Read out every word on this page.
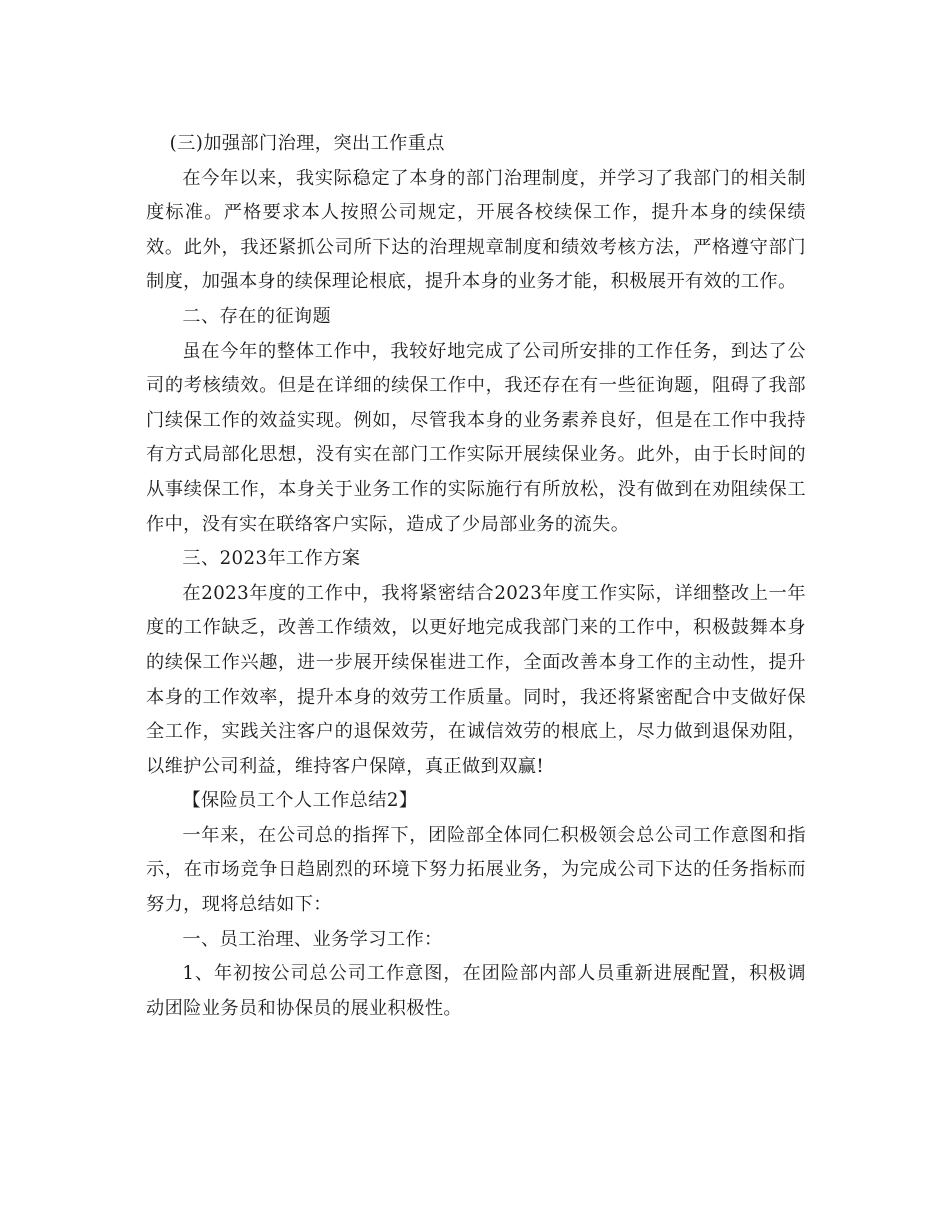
(三)加强部门治理，突出工作重点

在今年以来，我实际稳定了本身的部门治理制度，并学习了我部门的相关制度标准。严格要求本人按照公司规定，开展各校续保工作，提升本身的续保绩效。此外，我还紧抓公司所下达的治理规章制度和绩效考核方法，严格遵守部门制度，加强本身的续保理论根底，提升本身的业务才能，积极展开有效的工作。

二、存在的征询题

虽在今年的整体工作中，我较好地完成了公司所安排的工作任务，到达了公司的考核绩效。但是在详细的续保工作中，我还存在有一些征询题，阻碍了我部门续保工作的效益实现。例如，尽管我本身的业务素养良好，但是在工作中我持有方式局部化思想，没有实在部门工作实际开展续保业务。此外，由于长时间的从事续保工作，本身关于业务工作的实际施行有所放松，没有做到在劝阻续保工作中，没有实在联络客户实际，造成了少局部业务的流失。

三、2023年工作方案

在2023年度的工作中，我将紧密结合2023年度工作实际，详细整改上一年度的工作缺乏，改善工作绩效，以更好地完成我部门来的工作中，积极鼓舞本身的续保工作兴趣，进一步展开续保崔进工作，全面改善本身工作的主动性，提升本身的工作效率，提升本身的效劳工作质量。同时，我还将紧密配合中支做好保全工作，实践关注客户的退保效劳，在诚信效劳的根底上，尽力做到退保劝阻，以维护公司利益，维持客户保障，真正做到双赢!

【保险员工个人工作总结2】

一年来，在公司总的指挥下，团险部全体同仁积极领会总公司工作意图和指示，在市场竞争日趋剧烈的环境下努力拓展业务，为完成公司下达的任务指标而努力，现将总结如下：

一、员工治理、业务学习工作：

1、年初按公司总公司工作意图，在团险部内部人员重新进展配置，积极调动团险业务员和协保员的展业积极性。
